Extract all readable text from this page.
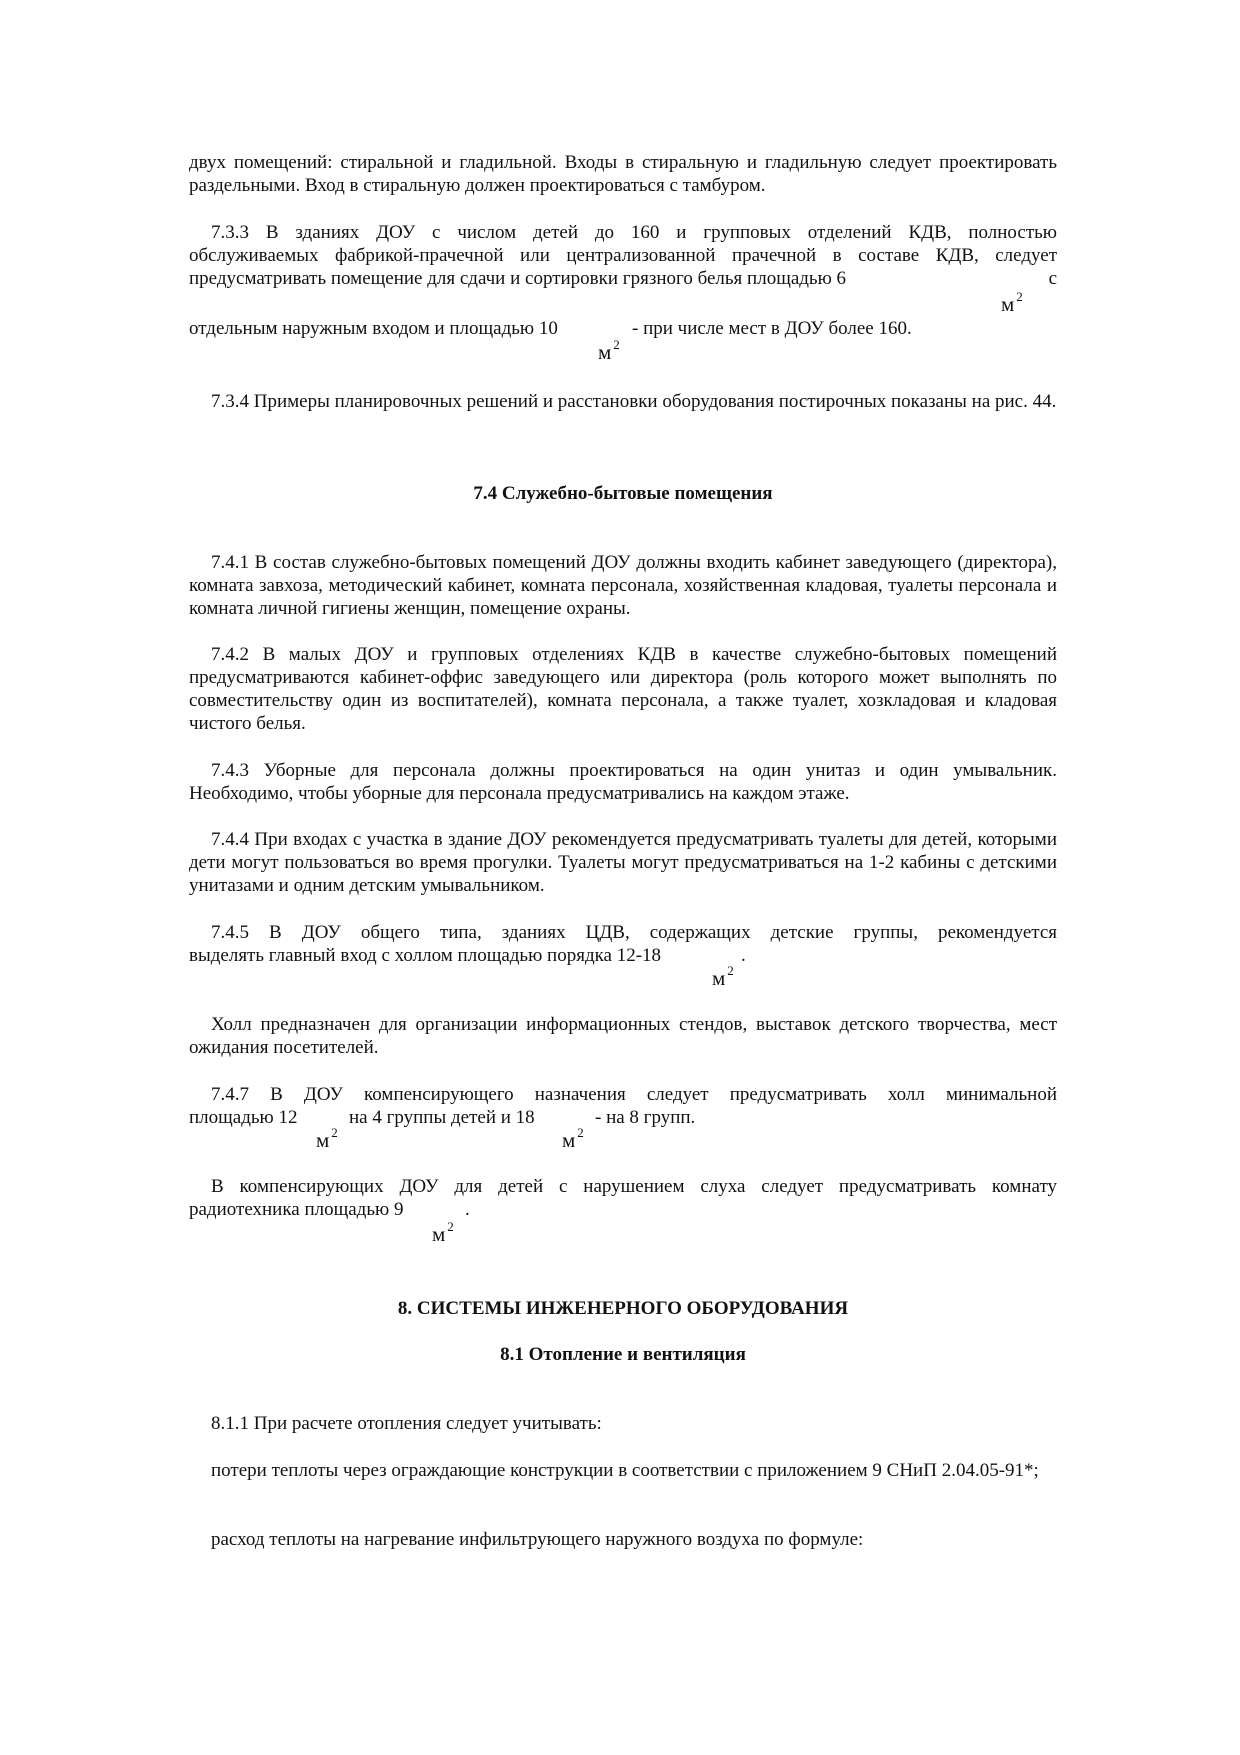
двух помещений: стиральной и гладильной. Входы в стиральную и гладильную следует проектировать раздельными. Вход в стиральную должен проектироваться с тамбуром.
7.3.3 В зданиях ДОУ с числом детей до 160 и групповых отделений КДВ, полностью
обслуживаемых фабрикой-прачечной или централизованной прачечной в составе КДВ, следует
предусматривать помещение для сдачи и сортировки грязного белья площадью 6	с
м $^2$
отдельным наружным входом и площадью 10	- при числе мест в ДОУ более 160.
м $^2$
7.3.4 Примеры планировочных решений и расстановки оборудования постирочных показаны на рис. 44.
7.4 Служебно-бытовые помещения
7.4.1 В состав служебно-бытовых помещений ДОУ должны входить кабинет заведующего (директора), комната завхоза, методический кабинет, комната персонала, хозяйственная кладовая, туалеты персонала и комната личной гигиены женщин, помещение охраны.
7.4.2 В малых ДОУ и групповых отделениях КДВ в качестве служебно-бытовых помещений предусматриваются кабинет-оффис заведующего или директора (роль которого может выполнять по совместительству один из воспитателей), комната персонала, а также туалет, хозкладовая и кладовая чистого белья.
7.4.3 Уборные для персонала должны проектироваться на один унитаз и один умывальник. Необходимо, чтобы уборные для персонала предусматривались на каждом этаже.
7.4.4 При входах с участка в здание ДОУ рекомендуется предусматривать туалеты для детей, которыми дети могут пользоваться во время прогулки. Туалеты могут предусматриваться на 1-2 кабины с детскими унитазами и одним детским умывальником.
7.4.5 В ДОУ общего типа, зданиях ЦДВ, содержащих детские группы, рекомендуется
выделять главный вход с холлом площадью порядка 12-18	.
м $^2$
Холл предназначен для организации информационных стендов, выставок детского творчества, мест ожидания посетителей.
7.4.7 В ДОУ компенсирующего назначения следует предусматривать холл минимальной
площадью 12	на 4 группы детей и 18	- на 8 групп.
м $^2$	м $^2$
В компенсирующих ДОУ для детей с нарушением слуха следует предусматривать комнату
радиотехника площадью 9	.
м $^2$
8. СИСТЕМЫ ИНЖЕНЕРНОГО ОБОРУДОВАНИЯ
8.1 Отопление и вентиляция
8.1.1 При расчете отопления следует учитывать:
потери теплоты через ограждающие конструкции в соответствии с приложением 9 СНиП 2.04.05-91*;
расход теплоты на нагревание инфильтрующего наружного воздуха по формуле:
